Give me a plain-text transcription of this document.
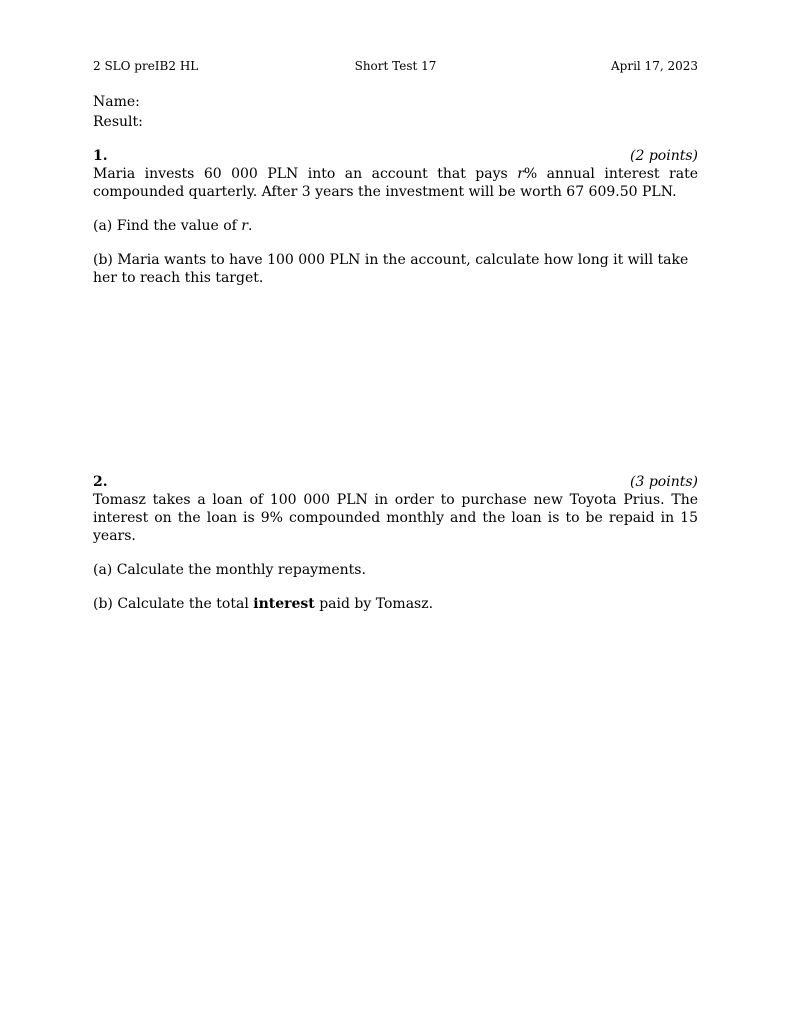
2 SLO preIB2 HL	Short Test 17	April 17, 2023
Name:
Result:
1.	(2 points)

Maria invests 60 000 PLN into an account that pays r% annual interest rate compounded quarterly. After 3 years the investment will be worth 67 609.50 PLN.

(a) Find the value of r.

(b) Maria wants to have 100 000 PLN in the account, calculate how long it will take her to reach this target.

2.	(3 points)

Tomasz takes a loan of 100 000 PLN in order to purchase new Toyota Prius. The interest on the loan is 9% compounded monthly and the loan is to be repaid in 15 years.

(a) Calculate the monthly repayments.

(b) Calculate the total interest paid by Tomasz.
